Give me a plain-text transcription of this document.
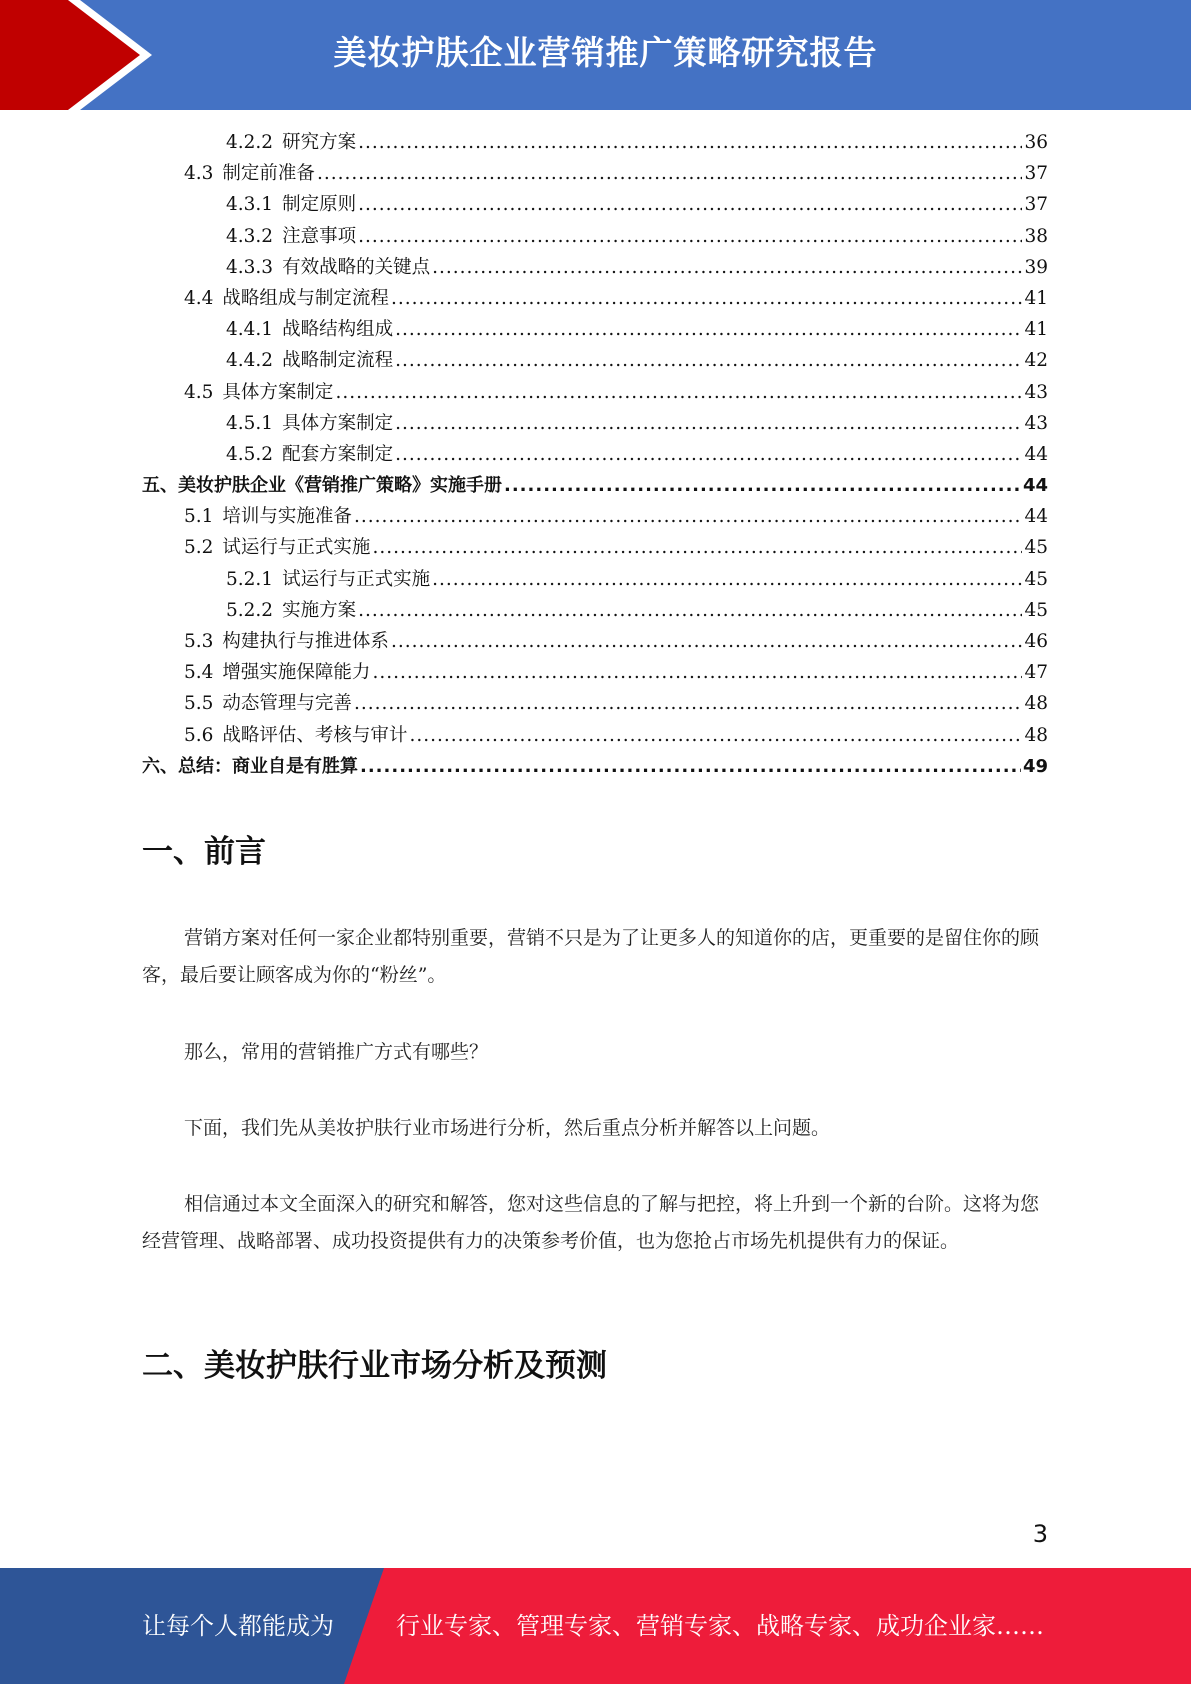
美妆护肤企业营销推广策略研究报告
4.2.2 研究方案 .....	36
4.3 制定前准备 .....	37
4.3.1 制定原则 .....	37
4.3.2 注意事项 .....	38
4.3.3 有效战略的关键点 .....	39
4.4 战略组成与制定流程 .....	41
4.4.1 战略结构组成 .....	41
4.4.2 战略制定流程 .....	42
4.5 具体方案制定 .....	43
4.5.1 具体方案制定 .....	43
4.5.2 配套方案制定 .....	44
五、美妆护肤企业《营销推广策略》实施手册 .....	44
5.1 培训与实施准备 .....	44
5.2 试运行与正式实施 .....	45
5.2.1 试运行与正式实施 .....	45
5.2.2 实施方案 .....	45
5.3 构建执行与推进体系 .....	46
5.4 增强实施保障能力 .....	47
5.5 动态管理与完善 .....	48
5.6 战略评估、考核与审计 .....	48
六、总结：商业自是有胜算 .....	49
一、前言

营销方案对任何一家企业都特别重要，营销不只是为了让更多人的知道你的店，更重要的是留住你的顾客，最后要让顾客成为你的“粉丝”。

那么，常用的营销推广方式有哪些？

下面，我们先从美妆护肤行业市场进行分析，然后重点分析并解答以上问题。

相信通过本文全面深入的研究和解答，您对这些信息的了解与把控，将上升到一个新的台阶。这将为您经营管理、战略部署、成功投资提供有力的决策参考价值，也为您抢占市场先机提供有力的保证。

二、美妆护肤行业市场分析及预测
3
让每个人都能成为	行业专家、管理专家、营销专家、战略专家、成功企业家……
